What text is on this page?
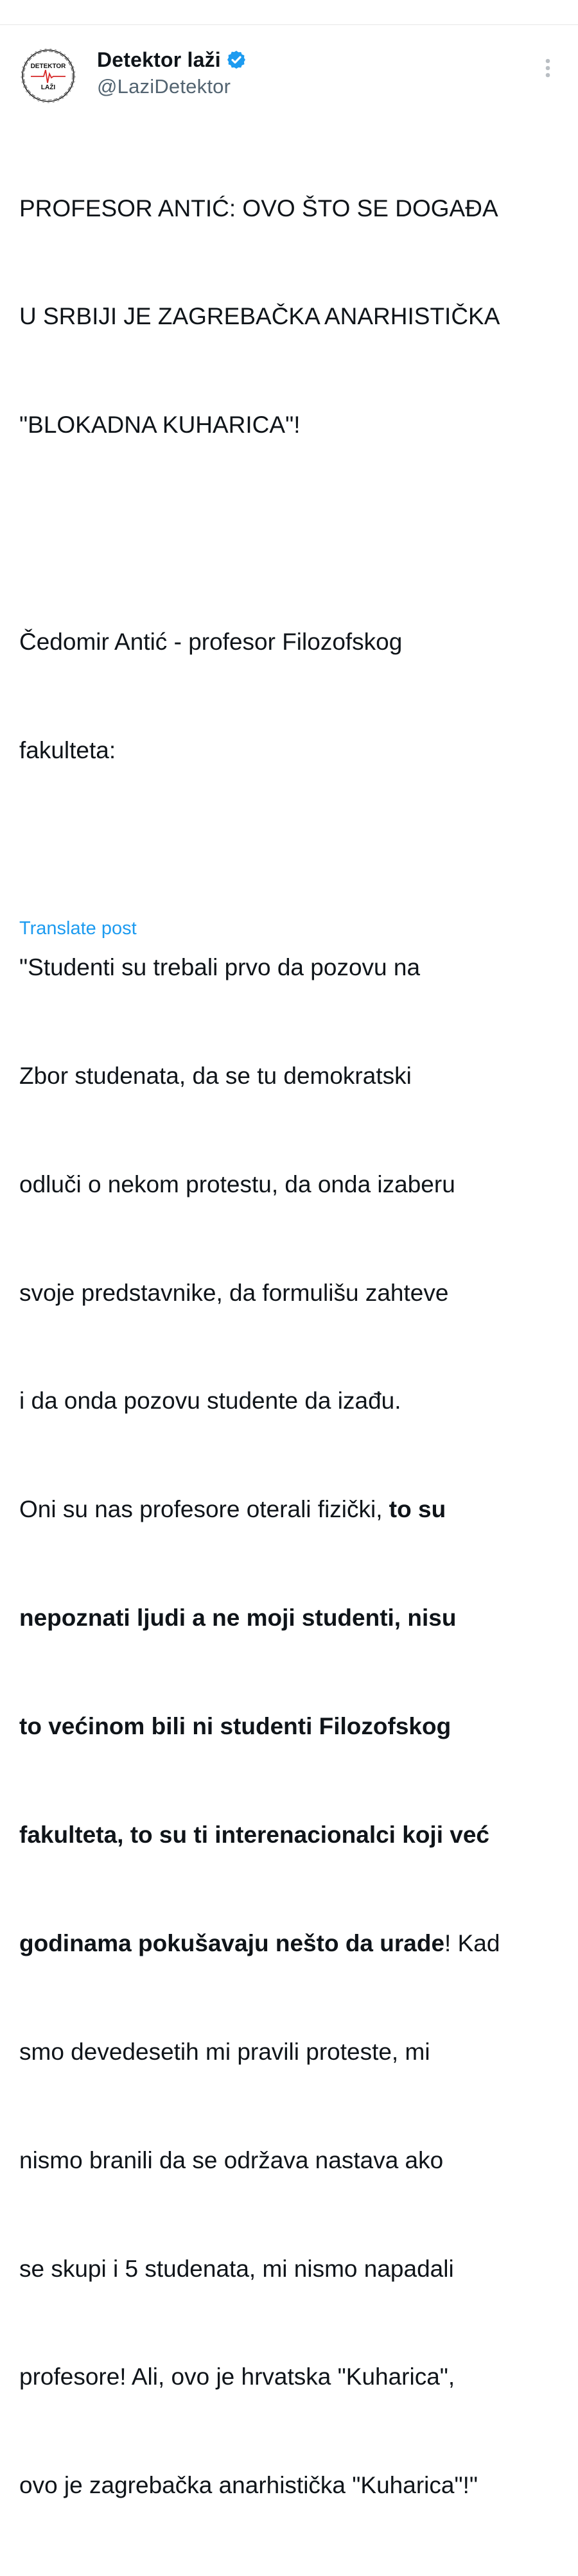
DETEKTOR
LAŽI
Detektor laži
@LaziDetektor

PROFESOR ANTIĆ: OVO ŠTO SE DOGAĐA

U SRBIJI JE ZAGREBAČKA ANARHISTIČKA

"BLOKADNA KUHARICA"!

Čedomir Antić - profesor Filozofskog

fakulteta:

"Studenti su trebali prvo da pozovu na

Zbor studenata, da se tu demokratski

odluči o nekom protestu, da onda izaberu

svoje predstavnike, da formulišu zahteve

i da onda pozovu studente da izađu.

Oni su nas profesore oterali fizički, to su

nepoznati ljudi a ne moji studenti, nisu

to većinom bili ni studenti Filozofskog

fakulteta, to su ti interenacionalci koji već

godinama pokušavaju nešto da urade! Kad

smo devedesetih mi pravili proteste, mi

nismo branili da se održava nastava ako

se skupi i 5 studenata, mi nismo napadali

profesore! Ali, ovo je hrvatska "Kuharica",

ovo je zagrebačka anarhistička "Kuharica"!"

Translate post
